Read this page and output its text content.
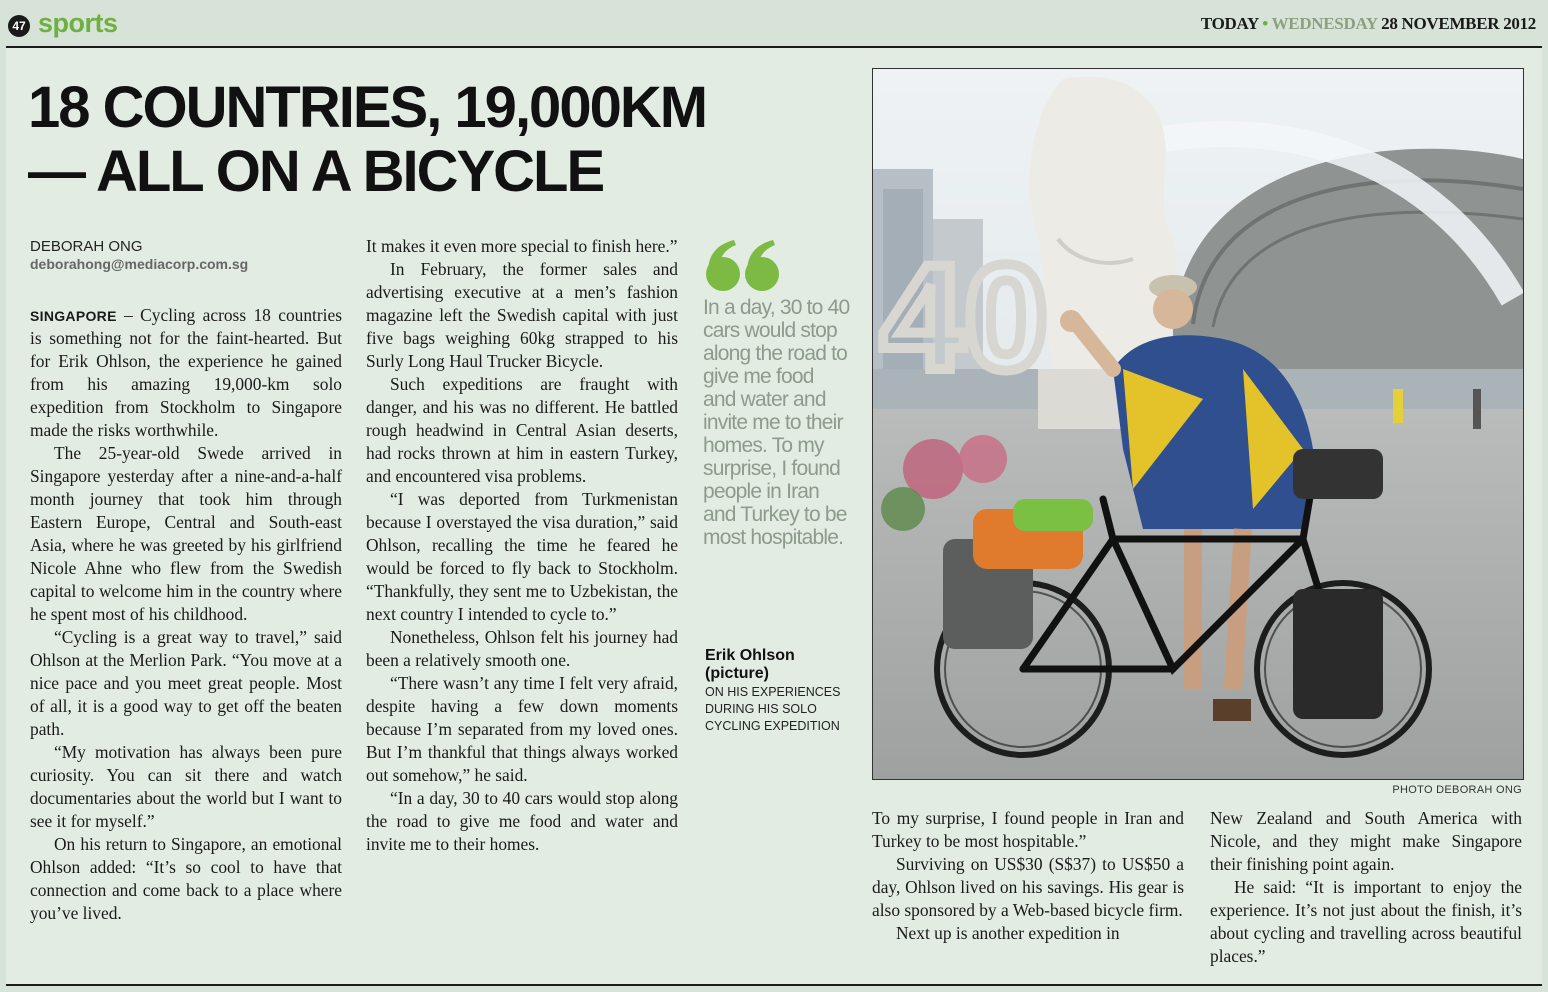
47 sports	TODAY • WEDNESDAY 28 NOVEMBER 2012
18 COUNTRIES, 19,000KM
— ALL ON A BICYCLE
DEBORAH ONG
deborahong@mediacorp.com.sg

SINGAPORE – Cycling across 18 countries is something not for the faint-hearted. But for Erik Ohlson, the experience he gained from his amazing 19,000-km solo expedition from Stockholm to Singapore made the risks worthwhile.

The 25-year-old Swede arrived in Singapore yesterday after a nine-and-a-half month journey that took him through Eastern Europe, Central and South-east Asia, where he was greeted by his girlfriend Nicole Ahne who flew from the Swedish capital to welcome him in the country where he spent most of his childhood.

“Cycling is a great way to travel,” said Ohlson at the Merlion Park. “You move at a nice pace and you meet great people. Most of all, it is a good way to get off the beaten path.

“My motivation has always been pure curiosity. You can sit there and watch documentaries about the world but I want to see it for myself.”

On his return to Singapore, an emotional Ohlson added: “It’s so cool to have that connection and come back to a place where you’ve lived.

It makes it even more special to finish here.”

In February, the former sales and advertising executive at a men’s fashion magazine left the Swedish capital with just five bags weighing 60kg strapped to his Surly Long Haul Trucker Bicycle.

Such expeditions are fraught with danger, and his was no different. He battled rough headwind in Central Asian deserts, had rocks thrown at him in eastern Turkey, and encountered visa problems.

“I was deported from Turkmenistan because I overstayed the visa duration,” said Ohlson, recalling the time he feared he would be forced to fly back to Stockholm. “Thankfully, they sent me to Uzbekistan, the next country I intended to cycle to.”

Nonetheless, Ohlson felt his journey had been a relatively smooth one.

“There wasn’t any time I felt very afraid, despite having a few down moments because I’m separated from my loved ones. But I’m thankful that things always worked out somehow,” he said.

“In a day, 30 to 40 cars would stop along the road to give me food and water and invite me to their homes.

In a day, 30 to 40 cars would stop along the road to give me food and water and invite me to their homes. To my surprise, I found people in Iran and Turkey to be most hospitable.

Erik Ohlson (picture)
ON HIS EXPERIENCES DURING HIS SOLO CYCLING EXPEDITION
40
PHOTO DEBORAH ONG

To my surprise, I found people in Iran and Turkey to be most hospitable.”

Surviving on US$30 (S$37) to US$50 a day, Ohlson lived on his savings. His gear is also sponsored by a Web-based bicycle firm.

Next up is another expedition in

New Zealand and South America with Nicole, and they might make Singapore their finishing point again.

He said: “It is important to enjoy the experience. It’s not just about the finish, it’s about cycling and travelling across beautiful places.”
